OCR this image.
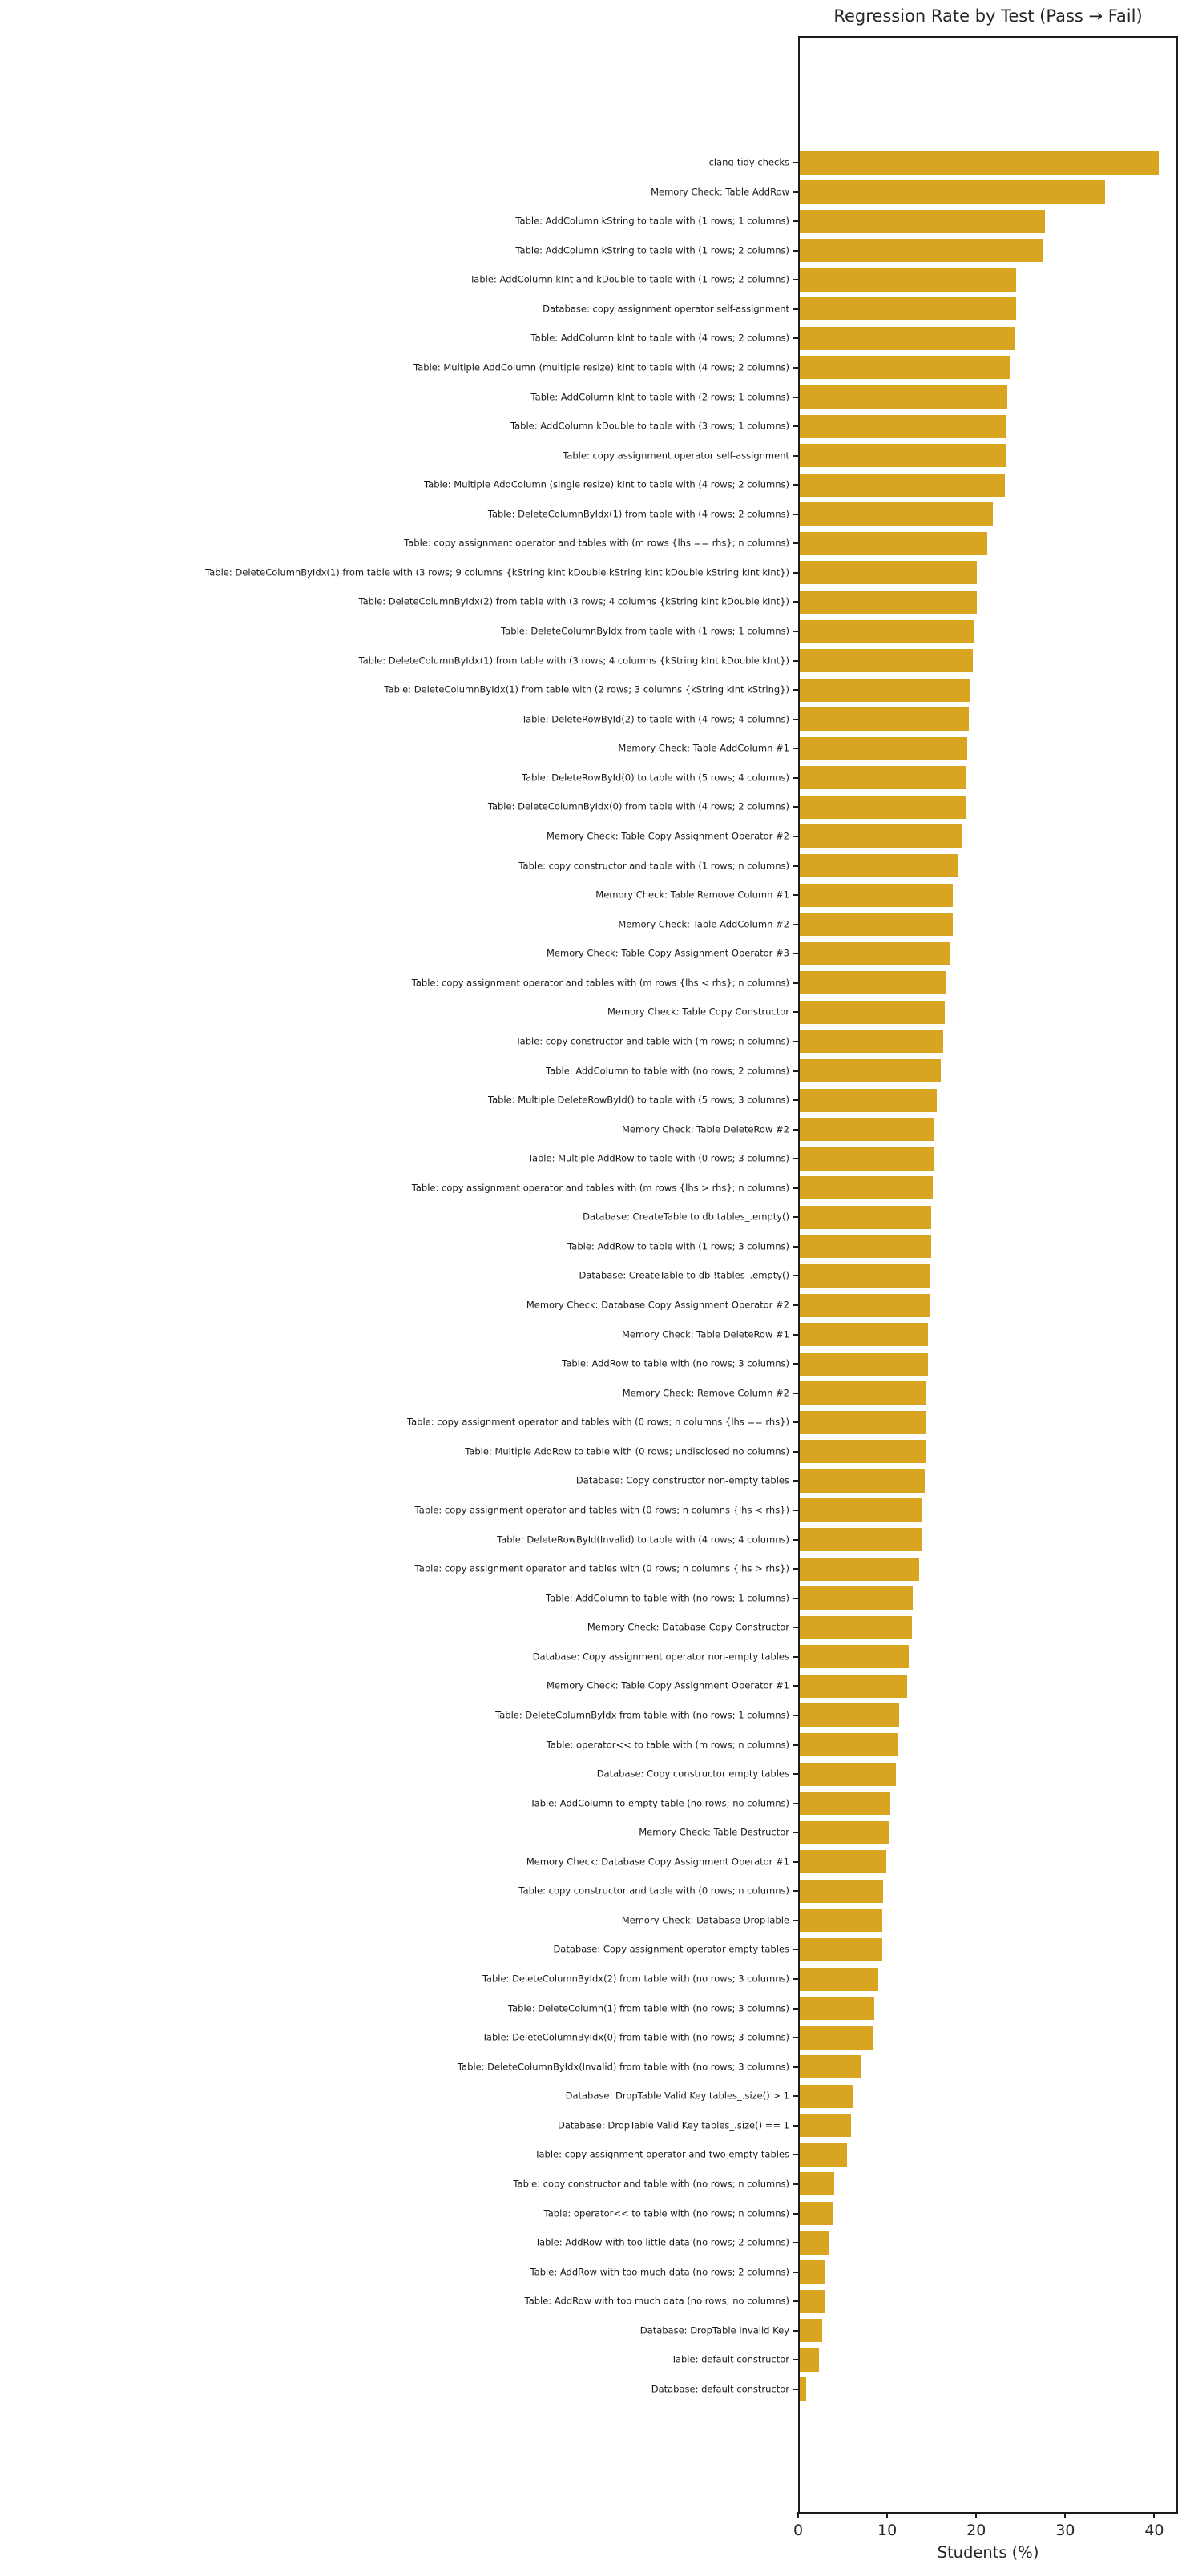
Regression Rate by Test (Pass → Fail)
Students (%)
clang-tidy checks
Memory Check: Table AddRow
Table: AddColumn kString to table with (1 rows; 1 columns)
Table: AddColumn kString to table with (1 rows; 2 columns)
Table: AddColumn kInt and kDouble to table with (1 rows; 2 columns)
Database: copy assignment operator self-assignment
Table: AddColumn kInt to table with (4 rows; 2 columns)
Table: Multiple AddColumn (multiple resize) kInt to table with (4 rows; 2 columns)
Table: AddColumn kInt to table with (2 rows; 1 columns)
Table: AddColumn kDouble to table with (3 rows; 1 columns)
Table: copy assignment operator self-assignment
Table: Multiple AddColumn (single resize) kInt to table with (4 rows; 2 columns)
Table: DeleteColumnByIdx(1) from table with (4 rows; 2 columns)
Table: copy assignment operator and tables with (m rows {lhs == rhs}; n columns)
Table: DeleteColumnByIdx(1) from table with (3 rows; 9 columns {kString kInt kDouble kString kInt kDouble kString kInt kInt})
Table: DeleteColumnByIdx(2) from table with (3 rows; 4 columns {kString kInt kDouble kInt})
Table: DeleteColumnByIdx from table with (1 rows; 1 columns)
Table: DeleteColumnByIdx(1) from table with (3 rows; 4 columns {kString kInt kDouble kInt})
Table: DeleteColumnByIdx(1) from table with (2 rows; 3 columns {kString kInt kString})
Table: DeleteRowById(2) to table with (4 rows; 4 columns)
Memory Check: Table AddColumn #1
Table: DeleteRowById(0) to table with (5 rows; 4 columns)
Table: DeleteColumnByIdx(0) from table with (4 rows; 2 columns)
Memory Check: Table Copy Assignment Operator #2
Table: copy constructor and table with (1 rows; n columns)
Memory Check: Table Remove Column #1
Memory Check: Table AddColumn #2
Memory Check: Table Copy Assignment Operator #3
Table: copy assignment operator and tables with (m rows {lhs < rhs}; n columns)
Memory Check: Table Copy Constructor
Table: copy constructor and table with (m rows; n columns)
Table: AddColumn to table with (no rows; 2 columns)
Table: Multiple DeleteRowById() to table with (5 rows; 3 columns)
Memory Check: Table DeleteRow #2
Table: Multiple AddRow to table with (0 rows; 3 columns)
Table: copy assignment operator and tables with (m rows {lhs > rhs}; n columns)
Database: CreateTable to db tables_.empty()
Table: AddRow to table with (1 rows; 3 columns)
Database: CreateTable to db !tables_.empty()
Memory Check: Database Copy Assignment Operator #2
Memory Check: Table DeleteRow #1
Table: AddRow to table with (no rows; 3 columns)
Memory Check: Remove Column #2
Table: copy assignment operator and tables with (0 rows; n columns {lhs == rhs})
Table: Multiple AddRow to table with (0 rows; undisclosed no columns)
Database: Copy constructor non-empty tables
Table: copy assignment operator and tables with (0 rows; n columns {lhs < rhs})
Table: DeleteRowById(Invalid) to table with (4 rows; 4 columns)
Table: copy assignment operator and tables with (0 rows; n columns {lhs > rhs})
Table: AddColumn to table with (no rows; 1 columns)
Memory Check: Database Copy Constructor
Database: Copy assignment operator non-empty tables
Memory Check: Table Copy Assignment Operator #1
Table: DeleteColumnByIdx from table with (no rows; 1 columns)
Table: operator<< to table with (m rows; n columns)
Database: Copy constructor empty tables
Table: AddColumn to empty table (no rows; no columns)
Memory Check: Table Destructor
Memory Check: Database Copy Assignment Operator #1
Table: copy constructor and table with (0 rows; n columns)
Memory Check: Database DropTable
Database: Copy assignment operator empty tables
Table: DeleteColumnByIdx(2) from table with (no rows; 3 columns)
Table: DeleteColumn(1) from table with (no rows; 3 columns)
Table: DeleteColumnByIdx(0) from table with (no rows; 3 columns)
Table: DeleteColumnByIdx(Invalid) from table with (no rows; 3 columns)
Database: DropTable Valid Key tables_.size() > 1
Database: DropTable Valid Key tables_.size() == 1
Table: copy assignment operator and two empty tables
Table: copy constructor and table with (no rows; n columns)
Table: operator<< to table with (no rows; n columns)
Table: AddRow with too little data (no rows; 2 columns)
Table: AddRow with too much data (no rows; 2 columns)
Table: AddRow with too much data (no rows; no columns)
Database: DropTable Invalid Key
Table: default constructor
Database: default constructor
0	10	20	30	40
